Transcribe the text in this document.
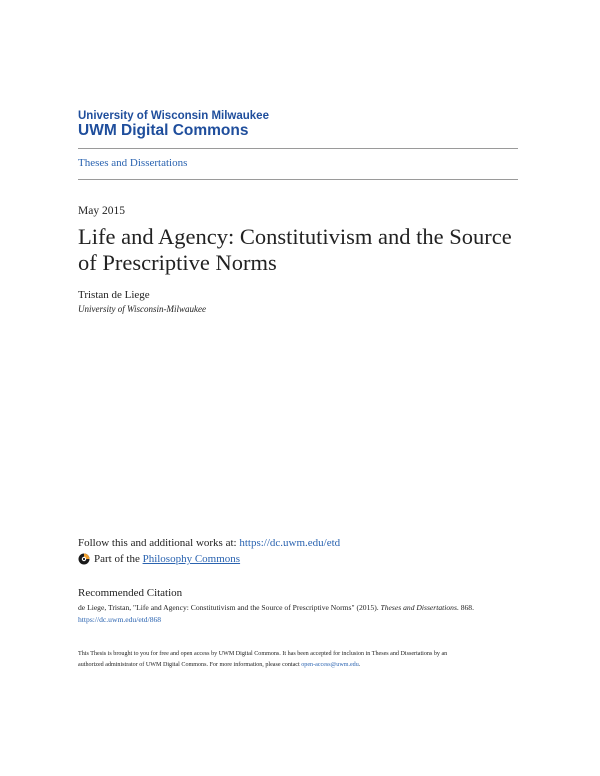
University of Wisconsin Milwaukee
UWM Digital Commons
Theses and Dissertations
May 2015
Life and Agency: Constitutivism and the Source of Prescriptive Norms
Tristan de Liege
University of Wisconsin-Milwaukee
Follow this and additional works at: https://dc.uwm.edu/etd
Part of the
Philosophy Commons
Recommended Citation
de Liege, Tristan, "Life and Agency: Constitutivism and the Source of Prescriptive Norms" (2015). Theses and Dissertations. 868.
https://dc.uwm.edu/etd/868
This Thesis is brought to you for free and open access by UWM Digital Commons. It has been accepted for inclusion in Theses and Dissertations by an
authorized administrator of UWM Digital Commons. For more information, please contact open-access@uwm.edu.
